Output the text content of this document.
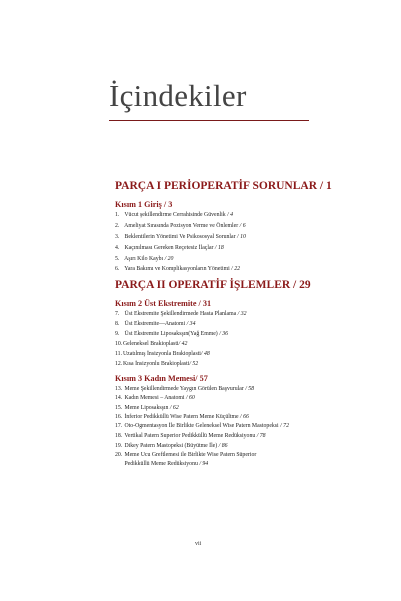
İçindekiler
PARÇA I PERİOPERATİF SORUNLAR / 1
Kısım 1 Giriş / 3
1. Vücut şekillendirme Cerrahisinde Güvenlik / 4
2. Ameliyat Sırasında Pozisyon Verme ve Önlemler / 6
3. Beklentilerin Yönetimi Ve Psikososyal Sorunlar / 10
4. Kaçınılması Gereken Reçetesiz İlaçlar / 18
5. Aşırı Kilo Kaybı / 20
6. Yara Bakımı ve Komplikasyonların Yönetimi / 22
PARÇA II OPERATİF İŞLEMLER / 29
Kısım 2 Üst Ekstremite / 31
7. Üst Ekstremite Şekillendirmede Hasta Planlama / 32
8. Üst Ekstremite—Anatomi / 34
9. Üst Ekstremite Liposaksşın(Yağ Emme) / 36
10.Geleneksel Brakioplasti/ 42
11.Uzatılmış İnsizyonla Brakioplasti/ 48
12.Kısa İnsizyonlu Brakioplasti/ 52
Kısım 3 Kadın Memesi/ 57
13. Meme Şekillendirmede Yaygın Görülen Başvurular / 58
14. Kadın Memesi – Anatomi / 60
15. Meme Liposaksşın / 62
16. İnferior Pedikküllü Wise Patern Meme Küçültme / 66
17. Oto-Ogmentasyon İle Birlikte Geleneksel Wise Patern Mastopeksi / 72
18. Vertikal Patern Superior Pedikküllü Meme Redüksiyonu / 78
19. Dikey Patern Mastopeksi (Büyütme İle) / 86
20. Meme Ucu Greftlemesi ile Birlikte Wise Patern Süperior
Pedikküllü Meme Redüksiyonu / 94
vii
